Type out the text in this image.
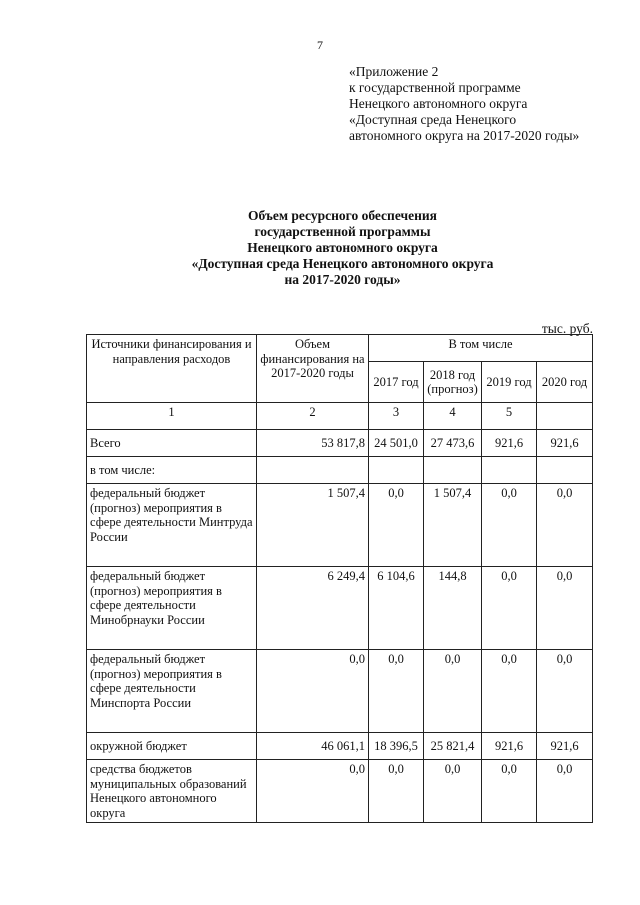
7
«Приложение 2
к государственной программе
Ненецкого автономного округа
«Доступная среда Ненецкого
автономного округа на 2017-2020 годы»
Объем ресурсного обеспечения
государственной программы
Ненецкого автономного округа
«Доступная среда Ненецкого автономного округа
на 2017-2020 годы»
тыс. руб.
Источники финансирования и направления расходов	Объем финансирования на 2017-2020 годы	В том числе			
		2017 год	2018 год (прогноз)	2019 год	2020 год
1	2	3	4	5	
Всего	53 817,8	24 501,0	27 473,6	921,6	921,6
в том числе:					
федеральный бюджет (прогноз) мероприятия в сфере деятельности Минтруда России	1 507,4	0,0	1 507,4	0,0	0,0
федеральный бюджет (прогноз) мероприятия в сфере деятельности Минобрнауки России	6 249,4	6 104,6	144,8	0,0	0,0
федеральный бюджет (прогноз) мероприятия в сфере деятельности Минспорта России	0,0	0,0	0,0	0,0	0,0
окружной бюджет	46 061,1	18 396,5	25 821,4	921,6	921,6
средства бюджетов муниципальных образований Ненецкого автономного округа	0,0	0,0	0,0	0,0	0,0
